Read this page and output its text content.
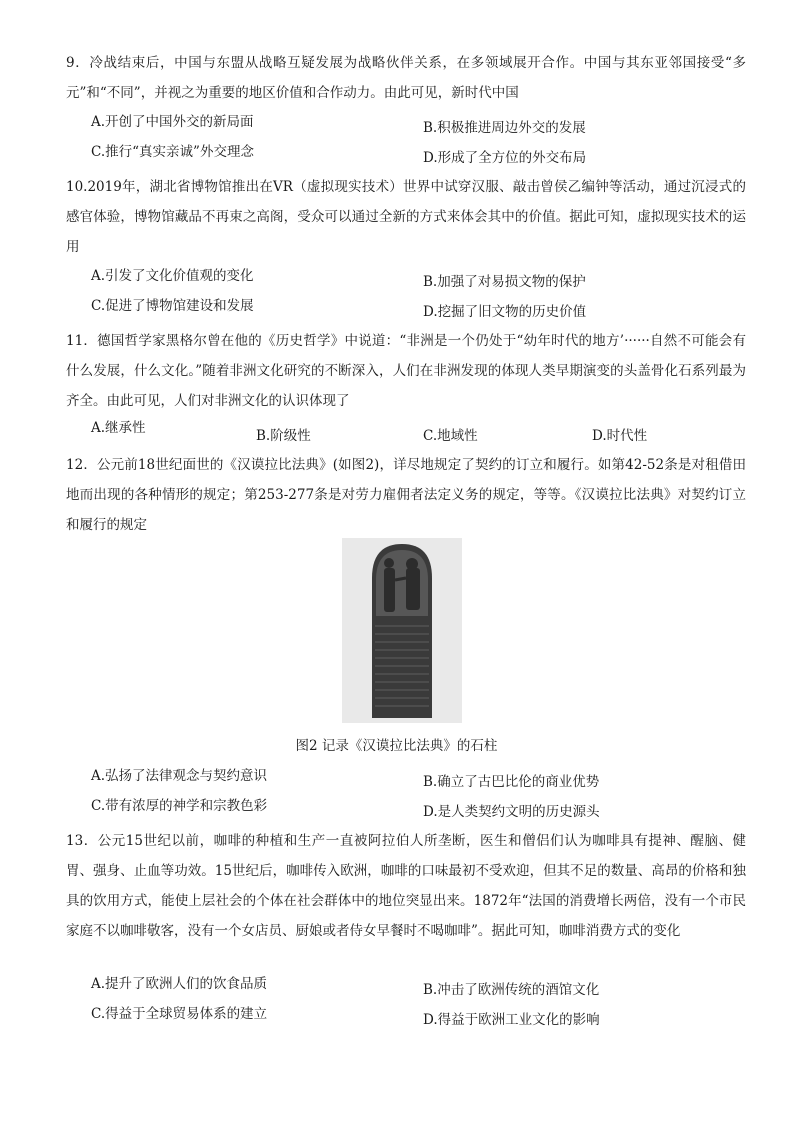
9．冷战结束后，中国与东盟从战略互疑发展为战略伙伴关系，在多领域展开合作。中国与其东亚邻国接受“多元”和“不同”，并视之为重要的地区价值和合作动力。由此可见，新时代中国
A.开创了中国外交的新局面	B.积极推进周边外交的发展
C.推行“真实亲诚”外交理念	D.形成了全方位的外交布局
10.2019年，湖北省博物馆推出在VR（虚拟现实技术）世界中试穿汉服、敲击曾侯乙编钟等活动，通过沉浸式的感官体验，博物馆藏品不再束之高阁，受众可以通过全新的方式来体会其中的价值。据此可知，虚拟现实技术的运用
A.引发了文化价值观的变化	B.加强了对易损文物的保护
C.促进了博物馆建设和发展	D.挖掘了旧文物的历史价值
11．德国哲学家黑格尔曾在他的《历史哲学》中说道：“非洲是一个仍处于“幼年时代的地方’······自然不可能会有什么发展，什么文化。”随着非洲文化研究的不断深入，人们在非洲发现的体现人类早期演变的头盖骨化石系列最为齐全。由此可见，人们对非洲文化的认识体现了
A.继承性	B.阶级性	C.地域性	D.时代性
12．公元前18世纪面世的《汉谟拉比法典》(如图2)，详尽地规定了契约的订立和履行。如第42-52条是对租借田地而出现的各种情形的规定；第253-277条是对劳力雇佣者法定义务的规定，等等。《汉谟拉比法典》对契约订立和履行的规定
图2 记录《汉谟拉比法典》的石柱
A.弘扬了法律观念与契约意识	B.确立了古巴比伦的商业优势
C.带有浓厚的神学和宗教色彩	D.是人类契约文明的历史源头
13．公元15世纪以前，咖啡的种植和生产一直被阿拉伯人所垄断，医生和僧侣们认为咖啡具有提神、醒脑、健胃、强身、止血等功效。15世纪后，咖啡传入欧洲，咖啡的口味最初不受欢迎，但其不足的数量、高昂的价格和独具的饮用方式，能使上层社会的个体在社会群体中的地位突显出来。1872年“法国的消费增长两倍，没有一个市民家庭不以咖啡敬客，没有一个女店员、厨娘或者侍女早餐时不喝咖啡”。据此可知，咖啡消费方式的变化
A.提升了欧洲人们的饮食品质	B.冲击了欧洲传统的酒馆文化
C.得益于全球贸易体系的建立	D.得益于欧洲工业文化的影响
